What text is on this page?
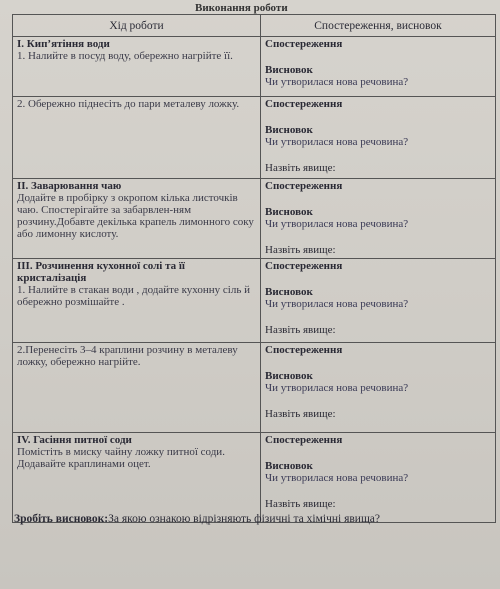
Виконання роботи
Хід роботи	Спостереження, висновок

I. Кип’ятіння води
1. Налийте в посуд воду, обережно нагрійте її.	Спостереження
Висновок
Чи утворилася нова речовина?

2. Обережно піднесіть до пари металеву ложку.	Спостереження
Висновок
Чи утворилася нова речовина?
Назвіть явище:

II. Заварювання чаю
Додайте в пробірку з окропом кілька листочків чаю. Спостерігайте за забарвлен-ням розчину.Добавте декілька крапель лимонного соку або лимонну кислоту.	Спостереження
Висновок
Чи утворилася нова речовина?
Назвіть явище:

III. Розчинення кухонної солі та її кристалізація
1. Налийте в стакан води , додайте кухонну сіль й обережно розмішайте .	Спостереження
Висновок
Чи утворилася нова речовина?
Назвіть явище:

2.Перенесіть 3–4 краплини розчину в металеву ложку, обережно нагрійте.	Спостереження
Висновок
Чи утворилася нова речовина?
Назвіть явище:

IV. Гасіння питної соди
Помістіть в миску чайну ложку питної соди. Додавайте краплинами оцет.	Спостереження
Висновок
Чи утворилася нова речовина?
Назвіть явище:
Зробіть висновок:За якою ознакою відрізняють фізичні та хімічні явища?
